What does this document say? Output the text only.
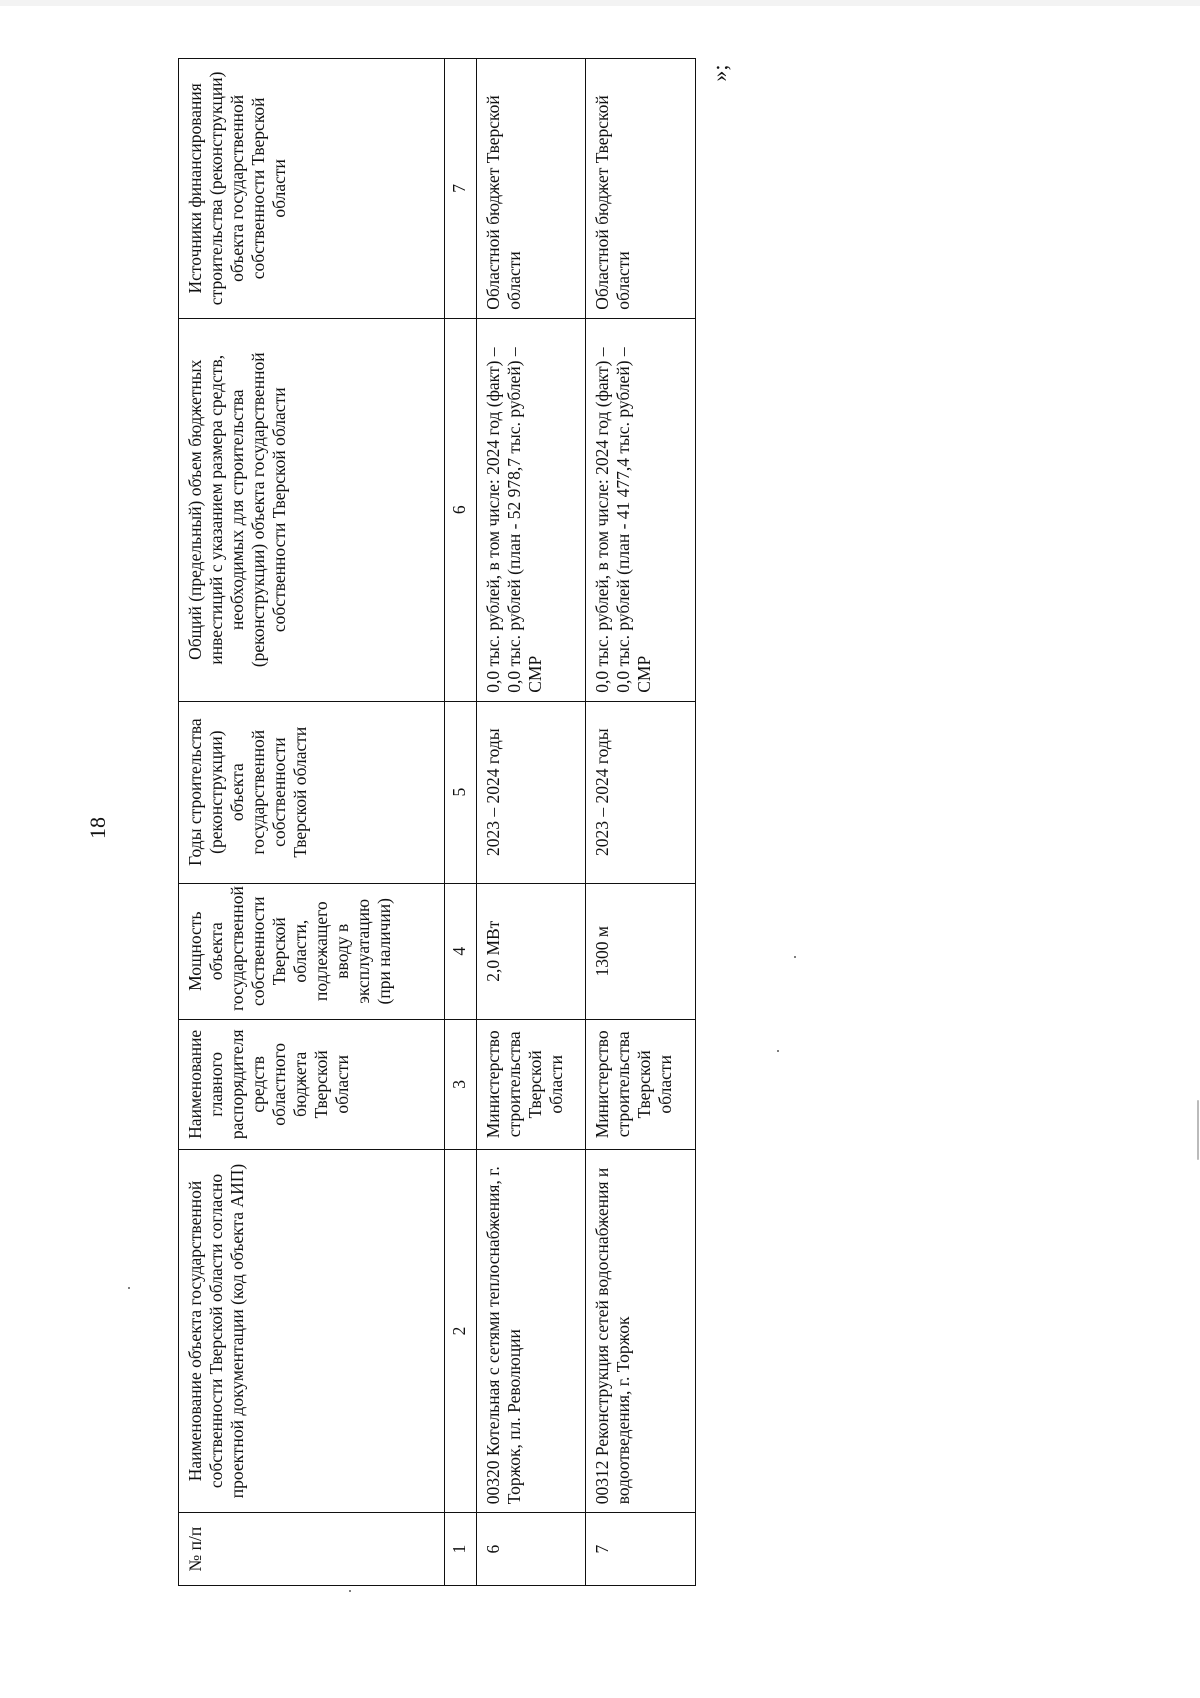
18
№ п/п	Наименование объекта государственной собственности Тверской области согласно проектной документации (код объекта АИП)	Наименование главного распорядителя средств областного бюджета Тверской области	Мощность объекта государственной собственности Тверской области, подлежащего вводу в эксплуатацию (при наличии)	Годы строительства (реконструкции) объекта государственной собственности Тверской области	Общий (предельный) объем бюджетных инвестиций с указанием размера средств, необходимых для строительства (реконструкции) объекта государственной собственности Тверской области	Источники финансирования строительства (реконструкции) объекта государственной собственности Тверской области
1	2	3	4	5	6	7
6	00320 Котельная с сетями теплоснабжения, г. Торжок, пл. Революции	Министерство строительства Тверской области	2,0 МВт	2023 – 2024 годы	0,0 тыс. рублей, в том числе: 2024 год (факт) – 0,0 тыс. рублей (план - 52 978,7 тыс. рублей) – СМР	Областной бюджет Тверской области
7	00312 Реконструкция сетей водоснабжения и водоотведения, г. Торжок	Министерство строительства Тверской области	1300 м	2023 – 2024 годы	0,0 тыс. рублей, в том числе: 2024 год (факт) – 0,0 тыс. рублей (план - 41 477,4 тыс. рублей) – СМР	Областной бюджет Тверской области
»;
